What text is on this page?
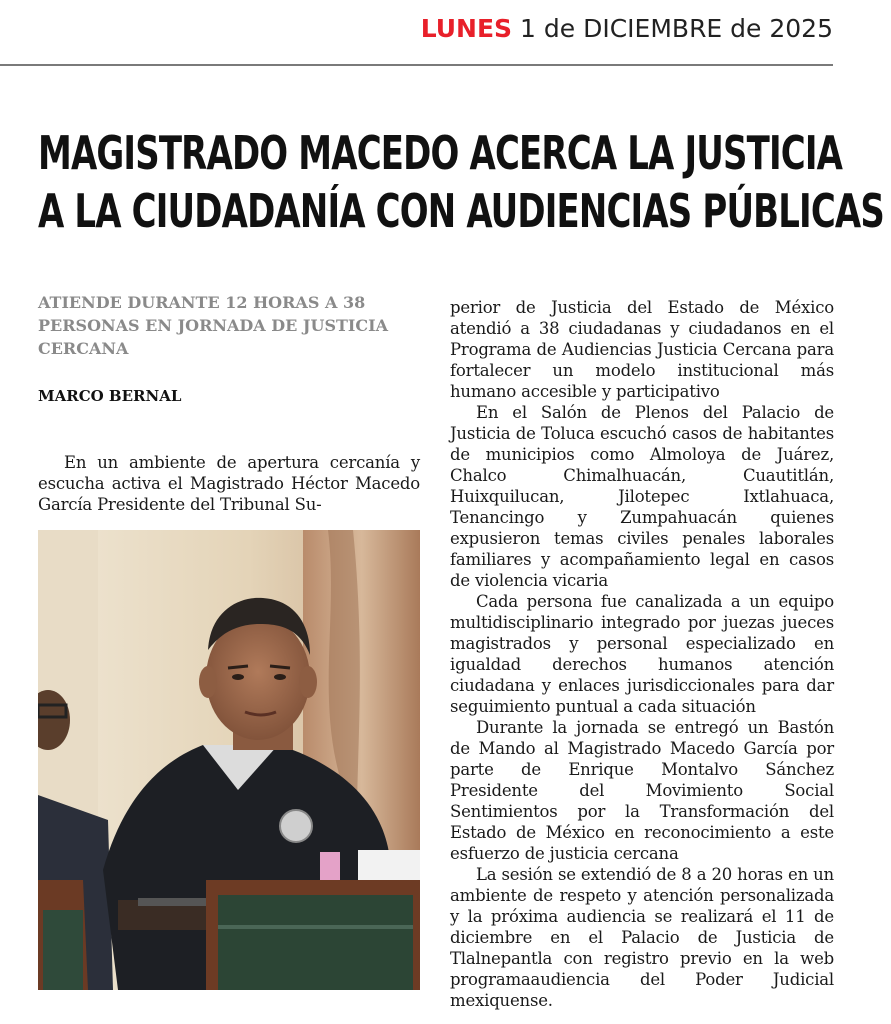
LUNES 1 de DICIEMBRE de 2025
MAGISTRADO MACEDO ACERCA LA JUSTICIA
A LA CIUDADANÍA CON AUDIENCIAS PÚBLICAS

ATIENDE DURANTE 12 HORAS A 38 PERSONAS EN JORNADA DE JUSTICIA CERCANA

MARCO BERNAL

En un ambiente de apertura cercanía y escucha activa el Magistrado Héctor Macedo García Presidente del Tribunal Su-

perior de Justicia del Estado de México atendió a 38 ciudadanas y ciudadanos en el Programa de Audiencias Justicia Cercana para fortalecer un modelo institucional más humano accesible y participativo

En el Salón de Plenos del Palacio de Justicia de Toluca escuchó casos de habitantes de municipios como Almoloya de Juárez, Chalco Chimalhuacán, Cuautitlán, Huixquilucan, Jilotepec Ixtlahuaca, Tenancingo y Zumpahuacán quienes expusieron temas civiles penales laborales familiares y acompañamiento legal en casos de violencia vicaria

Cada persona fue canalizada a un equipo multidisciplinario integrado por juezas jueces magistrados y personal especializado en igualdad derechos humanos atención ciudadana y enlaces jurisdiccionales para dar seguimiento puntual a cada situación

Durante la jornada se entregó un Bastón de Mando al Magistrado Macedo García por parte de Enrique Montalvo Sánchez Presidente del Movimiento Social Sentimientos por la Transformación del Estado de México en reconocimiento a este esfuerzo de justicia cercana

La sesión se extendió de 8 a 20 horas en un ambiente de respeto y atención personalizada y la próxima audiencia se realizará el 11 de diciembre en el Palacio de Justicia de Tlalnepantla con registro previo en la web programaaudiencia del Poder Judicial mexiquense.
